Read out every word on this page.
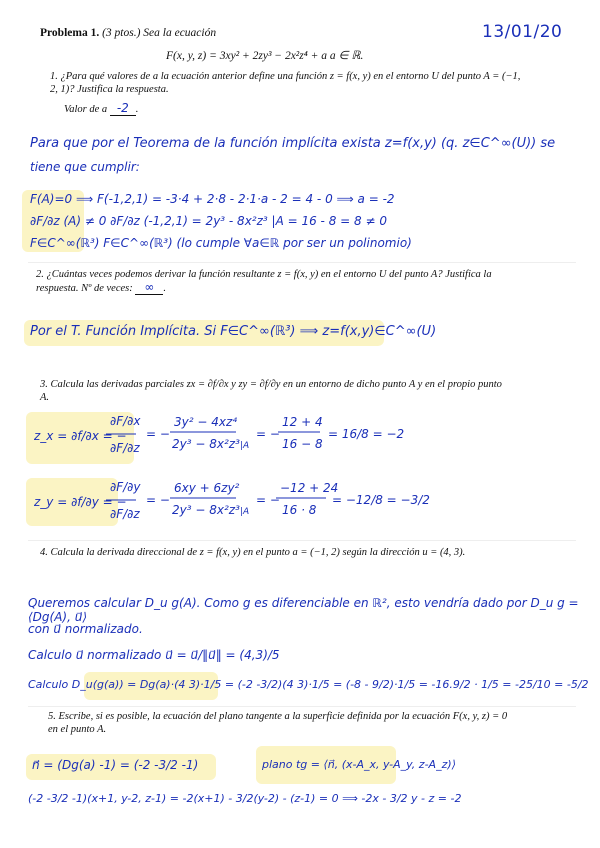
13/01/20
Problema 1. (3 ptos.) Sea la ecuación
F(x, y, z) = 3xy² + 2zy³ − 2x²z⁴ + a a ∈ ℝ.
1. ¿Para qué valores de a la ecuación anterior define una función z = f(x, y) en el entorno U del punto A = (−1, 2, 1)? Justifica la respuesta.
Valor de a -2 .
Para que por el Teorema de la función implícita exista z=f(x,y) (q. z∈C^∞(U)) se
tiene que cumplir:
F(A)=0 ⟹ F(-1,2,1) = -3·4 + 2·8 - 2·1·a - 2 = 4 - 0 ⟹ a = -2
∂F/∂z (A) ≠ 0 ∂F/∂z (-1,2,1) = 2y³ - 8x²z³ |A = 16 - 8 = 8 ≠ 0
F∈C^∞(ℝ³) F∈C^∞(ℝ³) (lo cumple ∀a∈ℝ por ser un polinomio)
2. ¿Cuántas veces podemos derivar la función resultante z = f(x, y) en el entorno U del punto A? Justifica la respuesta. Nº de veces: ∞ .
Por el T. Función Implícita. Si F∈C^∞(ℝ³) ⟹ z=f(x,y)∈C^∞(U)
3. Calcula las derivadas parciales zx = ∂f/∂x y zy = ∂f/∂y en un entorno de dicho punto A y en el propio punto A.
z_x = ∂f/∂x = −
∂F/∂x
∂F/∂z
= −
3y² − 4xz⁴
2y³ − 8x²z³ |A
= −
12 + 4
16 − 8
= 16/8 = −2
z_y = ∂f/∂y = −
∂F/∂y
∂F/∂z
= −
6xy + 6zy²
2y³ − 8x²z³ |A
= −
−12 + 24
16 · 8
= −12/8 = −3/2
4. Calcula la derivada direccional de z = f(x, y) en el punto a = (−1, 2) según la dirección u = (4, 3).
Queremos calcular D_u g(A). Como g es diferenciable en ℝ², esto vendría dado por D_u g = ⟨Dg(A), u⃗⟩
con u⃗ normalizado.
Calculo u⃗ normalizado u⃗ = u⃗/‖u⃗‖ = (4,3)/5
Calculo D_u(g(a)) = Dg(a)·(4 3)·1/5 = (-2 -3/2)(4 3)·1/5 = (-8 - 9/2)·1/5 = -16.9/2 · 1/5 = -25/10 = -5/2
5. Escribe, si es posible, la ecuación del plano tangente a la superficie definida por la ecuación F(x, y, z) = 0 en el punto A.
n⃗ = (Dg(a) -1) = (-2 -3/2 -1)	plano tg = ⟨n⃗, (x-A_x, y-A_y, z-A_z)⟩
(-2 -3/2 -1)(x+1, y-2, z-1) = -2(x+1) - 3/2(y-2) - (z-1) = 0 ⟹ -2x - 3/2 y - z = -2
